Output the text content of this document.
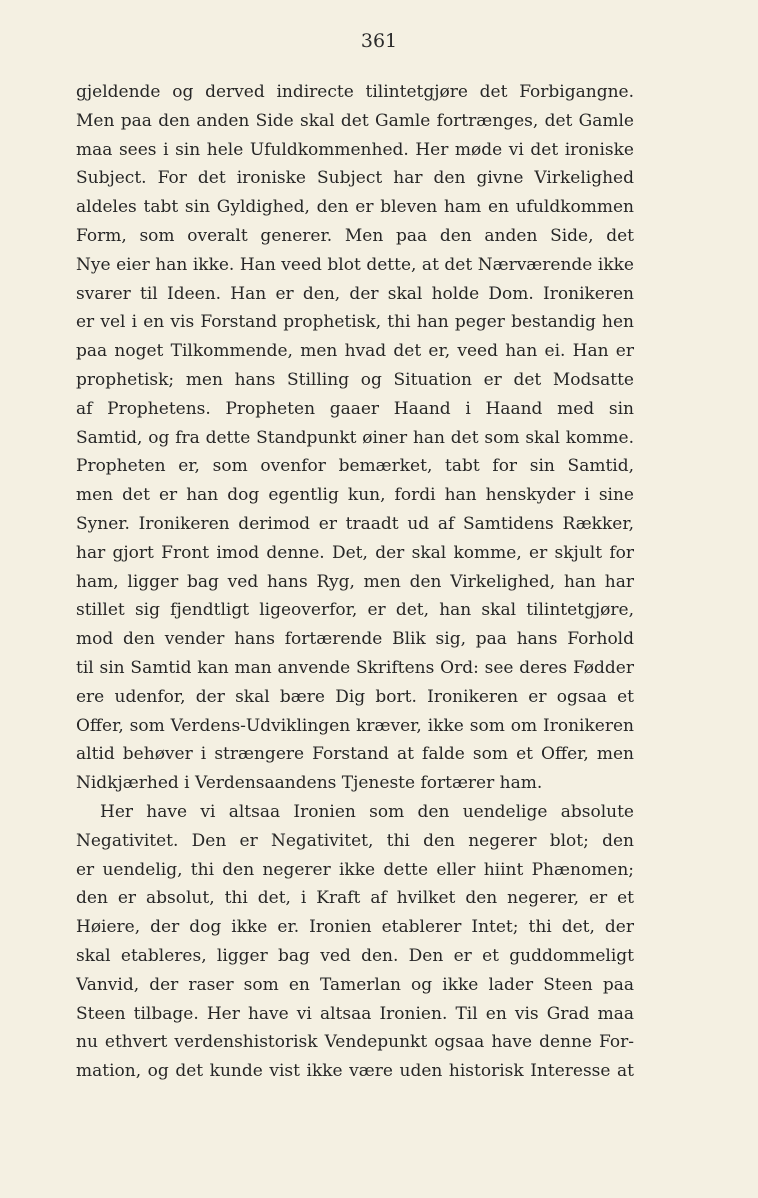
361
gjeldende og derved indirecte tilintetgjøre det Forbigangne.
Men paa den anden Side skal det Gamle fortrænges, det Gamle
maa sees i sin hele Ufuldkommenhed. Her møde vi det ironiske
Subject. For det ironiske Subject har den givne Virkelighed
aldeles tabt sin Gyldighed, den er bleven ham en ufuldkommen
Form, som overalt generer. Men paa den anden Side, det
Nye eier han ikke. Han veed blot dette, at det Nærværende ikke
svarer til Ideen. Han er den, der skal holde Dom. Ironikeren
er vel i en vis Forstand prophetisk, thi han peger bestandig hen
paa noget Tilkommende, men hvad det er, veed han ei. Han er
prophetisk; men hans Stilling og Situation er det Modsatte
af Prophetens. Propheten gaaer Haand i Haand med sin
Samtid, og fra dette Standpunkt øiner han det som skal komme.
Propheten er, som ovenfor bemærket, tabt for sin Samtid,
men det er han dog egentlig kun, fordi han henskyder i sine
Syner. Ironikeren derimod er traadt ud af Samtidens Rækker,
har gjort Front imod denne. Det, der skal komme, er skjult for
ham, ligger bag ved hans Ryg, men den Virkelighed, han har
stillet sig fjendtligt ligeoverfor, er det, han skal tilintetgjøre,
mod den vender hans fortærende Blik sig, paa hans Forhold
til sin Samtid kan man anvende Skriftens Ord: see deres Fødder
ere udenfor, der skal bære Dig bort. Ironikeren er ogsaa et
Offer, som Verdens-Udviklingen kræver, ikke som om Ironikeren
altid behøver i strængere Forstand at falde som et Offer, men
Nidkjærhed i Verdensaandens Tjeneste fortærer ham.
Her have vi altsaa Ironien som den uendelige absolute
Negativitet. Den er Negativitet, thi den negerer blot; den
er uendelig, thi den negerer ikke dette eller hiint Phænomen;
den er absolut, thi det, i Kraft af hvilket den negerer, er et
Høiere, der dog ikke er. Ironien etablerer Intet; thi det, der
skal etableres, ligger bag ved den. Den er et guddommeligt
Vanvid, der raser som en Tamerlan og ikke lader Steen paa
Steen tilbage. Her have vi altsaa Ironien. Til en vis Grad maa
nu ethvert verdenshistorisk Vendepunkt ogsaa have denne For-
mation, og det kunde vist ikke være uden historisk Interesse at
